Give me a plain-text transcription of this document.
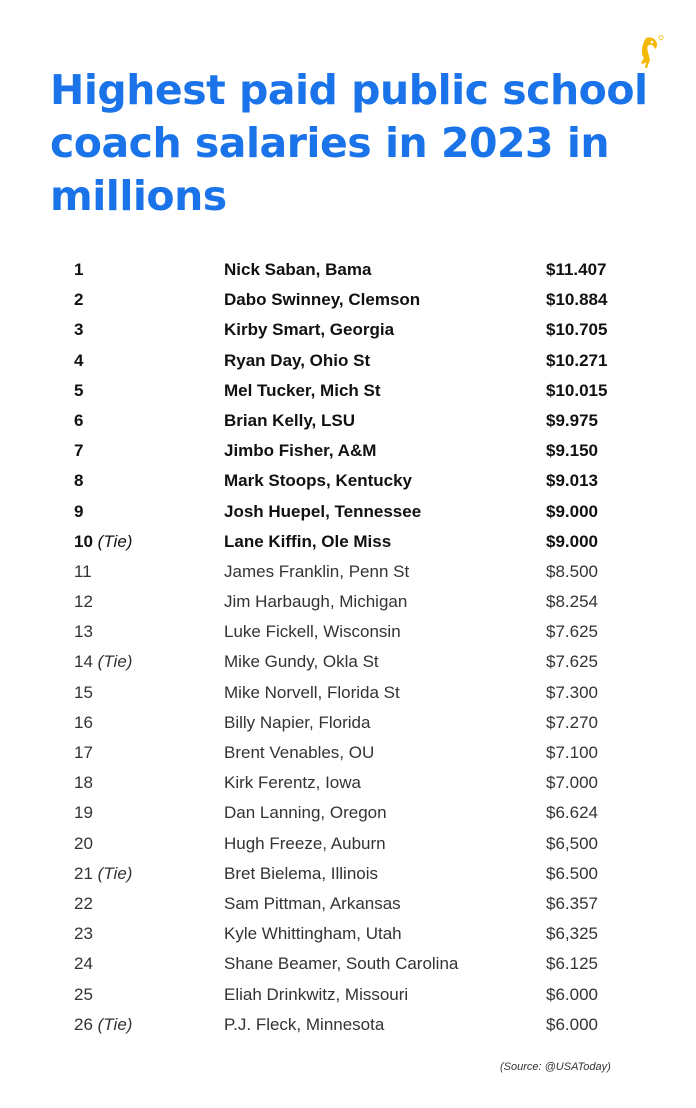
Highest paid public school coach salaries in 2023 in millions
1	Nick Saban, Bama	$11.407
2	Dabo Swinney, Clemson	$10.884
3	Kirby Smart, Georgia	$10.705
4	Ryan Day, Ohio St	$10.271
5	Mel Tucker, Mich St	$10.015
6	Brian Kelly, LSU	$9.975
7	Jimbo Fisher, A&M	$9.150
8	Mark Stoops, Kentucky	$9.013
9	Josh Huepel, Tennessee	$9.000
10 (Tie)	Lane Kiffin, Ole Miss	$9.000
11	James Franklin, Penn St	$8.500
12	Jim Harbaugh, Michigan	$8.254
13	Luke Fickell, Wisconsin	$7.625
14 (Tie)	Mike Gundy, Okla St	$7.625
15	Mike Norvell, Florida St	$7.300
16	Billy Napier, Florida	$7.270
17	Brent Venables, OU	$7.100
18	Kirk Ferentz, Iowa	$7.000
19	Dan Lanning, Oregon	$6.624
20	Hugh Freeze, Auburn	$6,500
21 (Tie)	Bret Bielema, Illinois	$6.500
22	Sam Pittman, Arkansas	$6.357
23	Kyle Whittingham, Utah	$6,325
24	Shane Beamer, South Carolina	$6.125
25	Eliah Drinkwitz, Missouri	$6.000
26 (Tie)	P.J. Fleck, Minnesota	$6.000
(Source: @USAToday)
